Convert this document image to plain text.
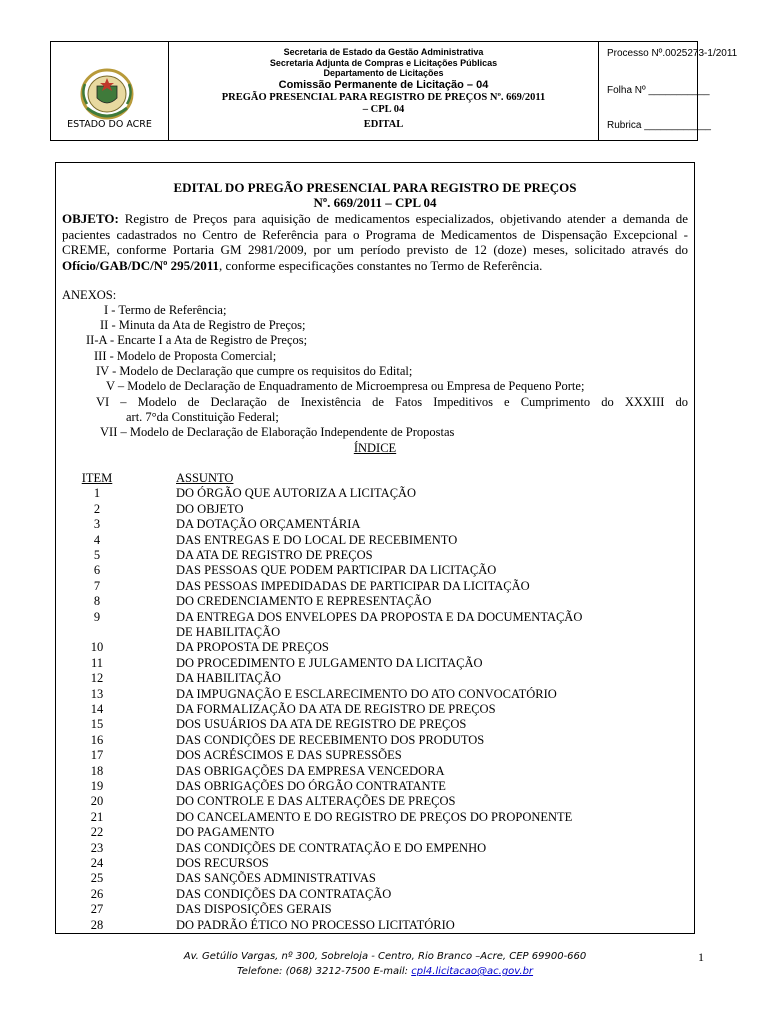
ESTADO DO ACRE
Secretaria de Estado da Gestão Administrativa
Secretaria Adjunta de Compras e Licitações Públicas
Departamento de Licitações
Comissão Permanente de Licitação – 04
PREGÃO PRESENCIAL PARA REGISTRO DE PREÇOS Nº. 669/2011
– CPL 04
EDITAL
Processo Nº.0025273-1/2011
Folha Nº ___________
Rubrica ____________
EDITAL DO PREGÃO PRESENCIAL PARA REGISTRO DE PREÇOS
Nº. 669/2011 – CPL 04
OBJETO: Registro de Preços para aquisição de medicamentos especializados, objetivando atender a demanda de pacientes cadastrados no Centro de Referência para o Programa de Medicamentos de Dispensação Excepcional - CREME, conforme Portaria GM 2981/2009, por um período previsto de 12 (doze) meses, solicitado através do Ofício/GAB/DC/Nº 295/2011, conforme especificações constantes no Termo de Referência.
ANEXOS:
I - Termo de Referência;
II - Minuta da Ata de Registro de Preços;
II-A - Encarte I a Ata de Registro de Preços;
III - Modelo de Proposta Comercial;
IV - Modelo de Declaração que cumpre os requisitos do Edital;
V – Modelo de Declaração de Enquadramento de Microempresa ou Empresa de Pequeno Porte;
VI – Modelo de Declaração de Inexistência de Fatos Impeditivos e Cumprimento do XXXIII do
art. 7°da Constituição Federal;
VII – Modelo de Declaração de Elaboração Independente de Propostas
ÍNDICE
ITEM	ASSUNTO
1	DO ÓRGÃO QUE AUTORIZA A LICITAÇÃO
2	DO OBJETO
3	DA DOTAÇÃO ORÇAMENTÁRIA
4	DAS ENTREGAS E DO LOCAL DE RECEBIMENTO
5	DA ATA DE REGISTRO DE PREÇOS
6	DAS PESSOAS QUE PODEM PARTICIPAR DA LICITAÇÃO
7	DAS PESSOAS IMPEDIDADAS DE PARTICIPAR DA LICITAÇÃO
8	DO CREDENCIAMENTO E REPRESENTAÇÃO
9	DA ENTREGA DOS ENVELOPES DA PROPOSTA E DA DOCUMENTAÇÃO
DE HABILITAÇÃO
10	DA PROPOSTA DE PREÇOS
11	DO PROCEDIMENTO E JULGAMENTO DA LICITAÇÃO
12	DA HABILITAÇÃO
13	DA IMPUGNAÇÃO E ESCLARECIMENTO DO ATO CONVOCATÓRIO
14	DA FORMALIZAÇÃO DA ATA DE REGISTRO DE PREÇOS
15	DOS USUÁRIOS DA ATA DE REGISTRO DE PREÇOS
16	DAS CONDIÇÕES DE RECEBIMENTO DOS PRODUTOS
17	DOS ACRÉSCIMOS E DAS SUPRESSÕES
18	DAS OBRIGAÇÕES DA EMPRESA VENCEDORA
19	DAS OBRIGAÇÕES DO ÓRGÃO CONTRATANTE
20	DO CONTROLE E DAS ALTERAÇÕES DE PREÇOS
21	DO CANCELAMENTO E DO REGISTRO DE PREÇOS DO PROPONENTE
22	DO PAGAMENTO
23	DAS CONDIÇÕES DE CONTRATAÇÃO E DO EMPENHO
24	DOS RECURSOS
25	DAS SANÇÕES ADMINISTRATIVAS
26	DAS CONDIÇÕES DA CONTRATAÇÃO
27	DAS DISPOSIÇÕES GERAIS
28	DO PADRÃO ÉTICO NO PROCESSO LICITATÓRIO
Av. Getúlio Vargas, nº 300, Sobreloja - Centro, Rio Branco –Acre, CEP 69900-660
Telefone: (068) 3212-7500 E-mail: cpl4.licitacao@ac.gov.br
1
